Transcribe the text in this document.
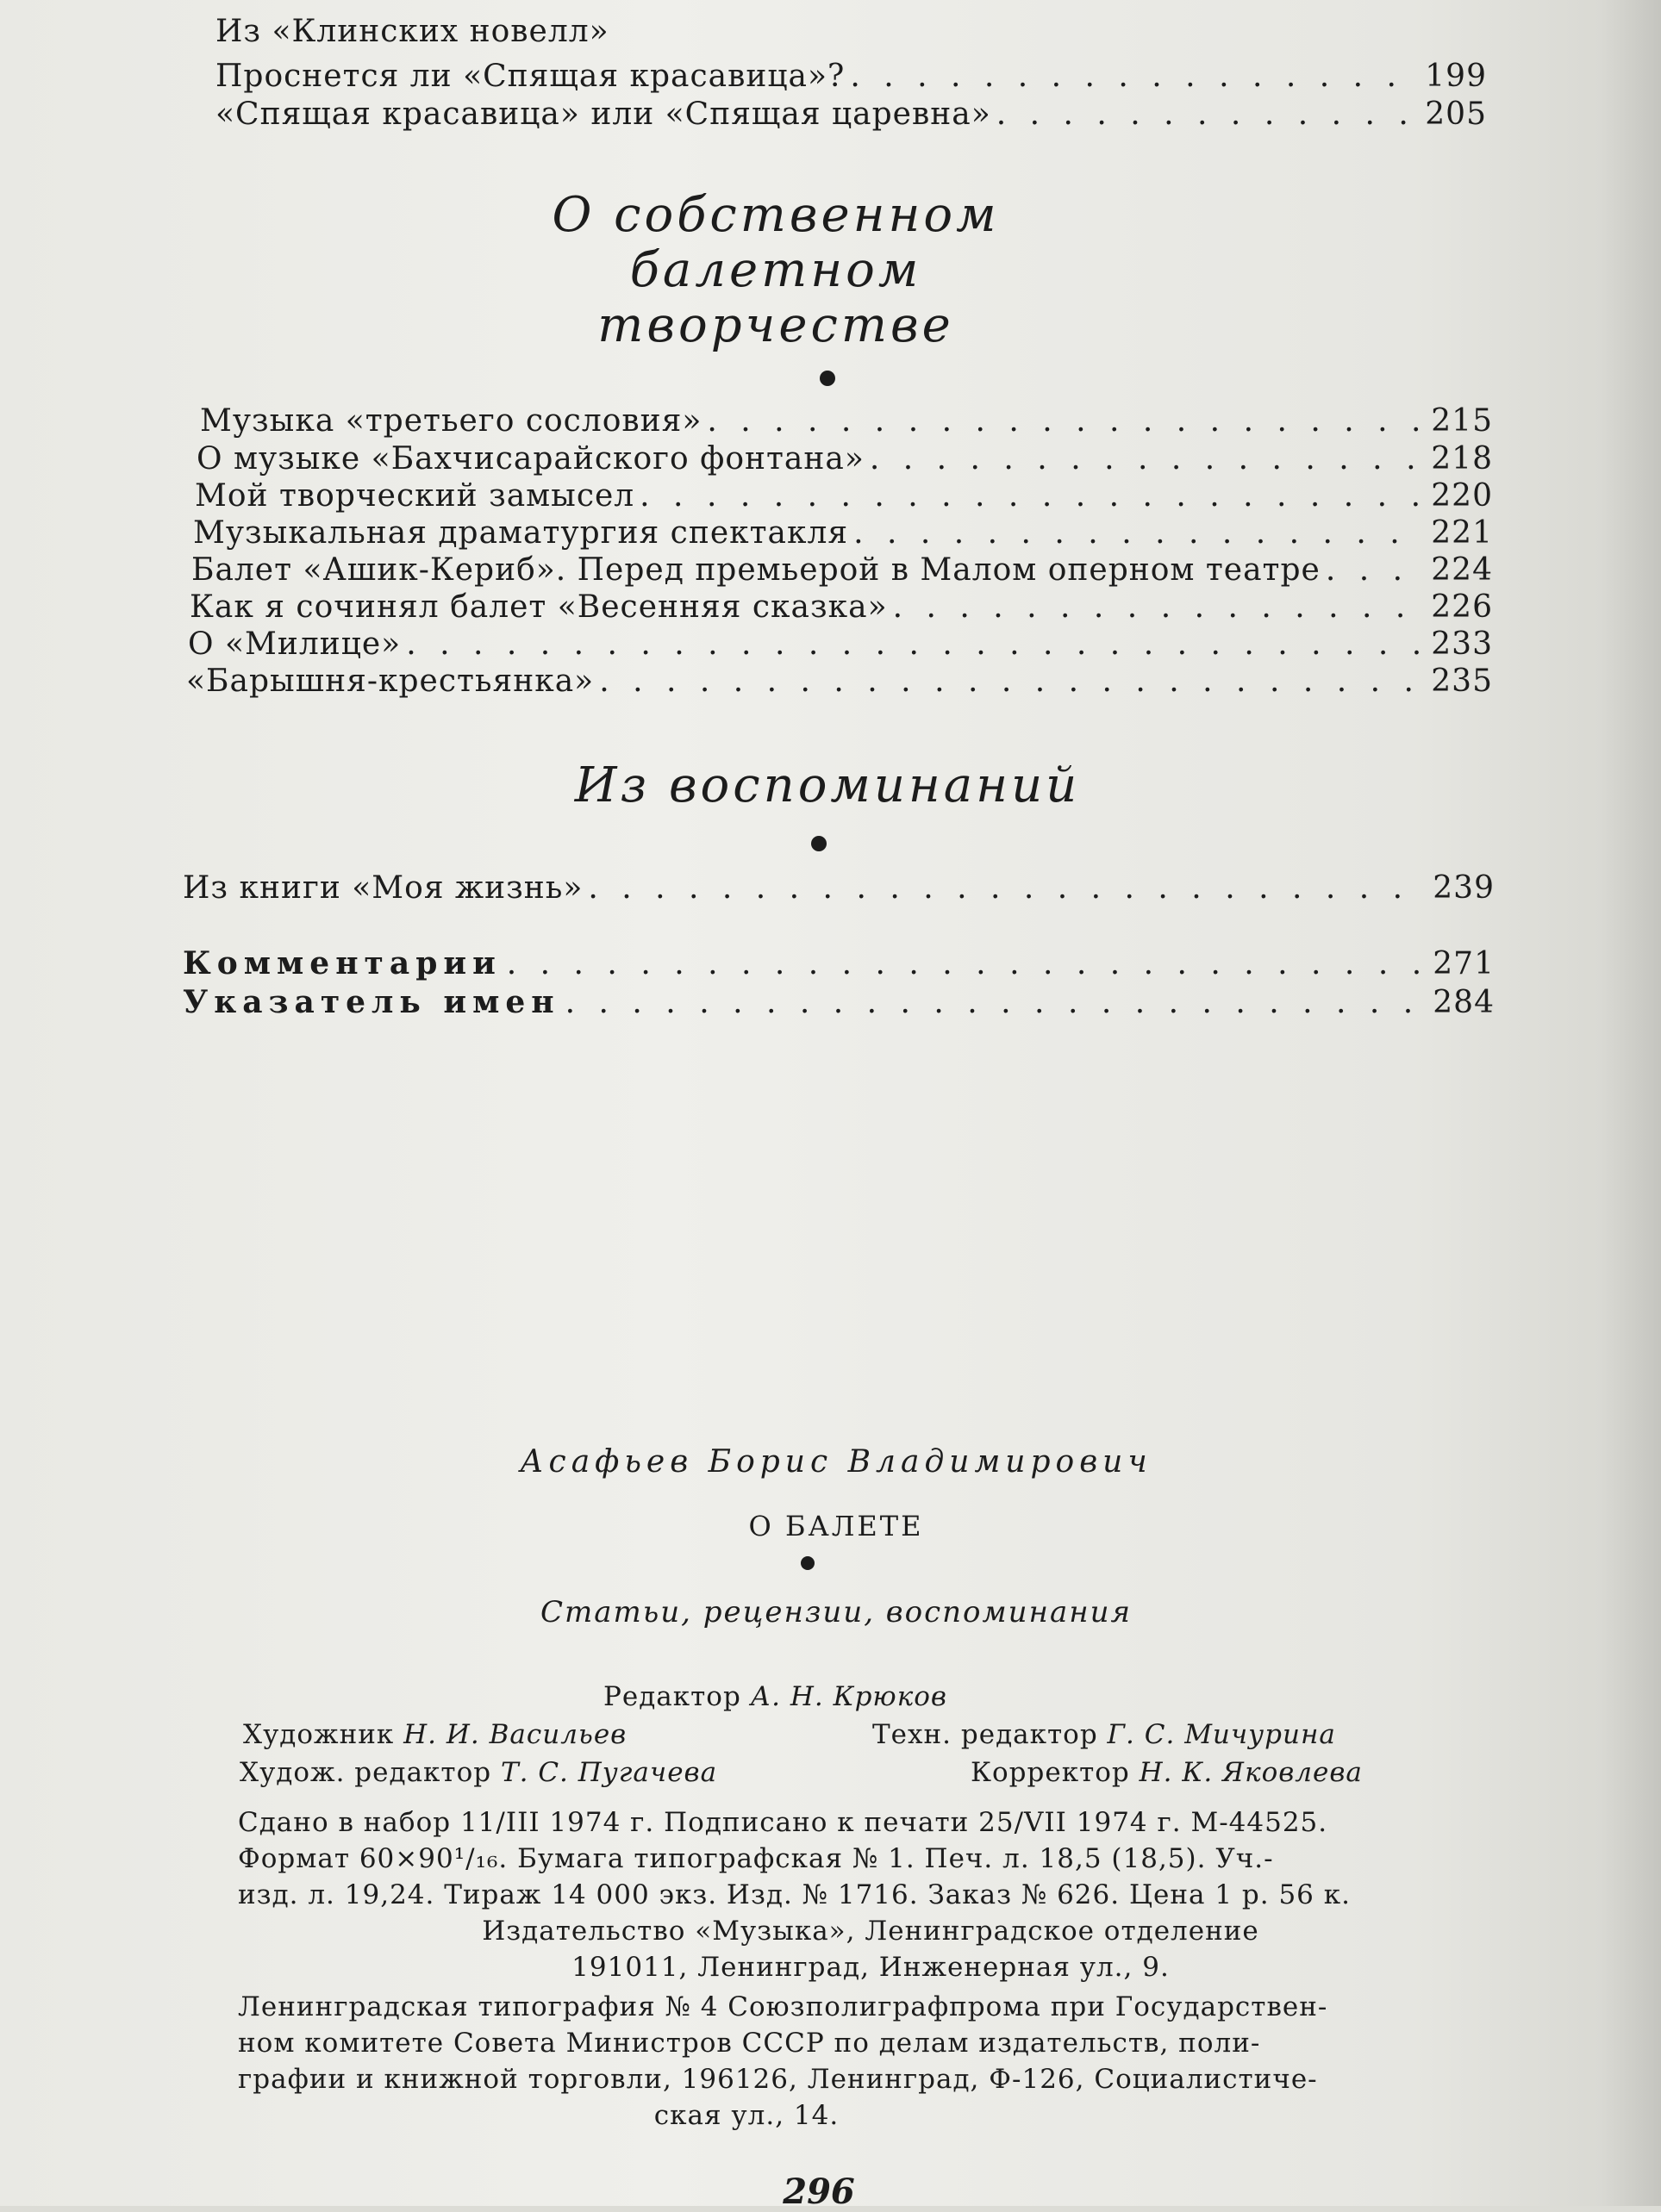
Из «Клинских новелл»
Проснется ли «Спящая красавица»? . . .	199
«Спящая красавица» или «Спящая царевна» . . .	205
О собственном
балетном
творчестве
Музыка «третьего сословия» . . .	215
О музыке «Бахчисарайского фонтана» . . .	218
Мой творческий замысел . . .	220
Музыкальная драматургия спектакля . . .	221
Балет «Ашик-Кериб». Перед премьерой в Малом оперном театре . . .	224
Как я сочинял балет «Весенняя сказка» . . .	226
О «Милице» . . .	233
«Барышня-крестьянка» . . .	235
Из воспоминаний
Из книги «Моя жизнь» . . .	239
Комментарии . . .	271
Указатель имен . . .	284
Асафьев Борис Владимирович
О БАЛЕТЕ
Статьи, рецензии, воспоминания
Редактор А. Н. Крюков
Художник Н. И. Васильев	Техн. редактор Г. С. Мичурина
Худож. редактор Т. С. Пугачева	Корректор Н. К. Яковлева
Сдано в набор 11/III 1974 г. Подписано к печати 25/VII 1974 г. М-44525.
Формат 60×90¹/₁₆. Бумага типографская № 1. Печ. л. 18,5 (18,5). Уч.-
изд. л. 19,24. Тираж 14 000 экз. Изд. № 1716. Заказ № 626. Цена 1 р. 56 к.
Издательство «Музыка», Ленинградское отделение
191011, Ленинград, Инженерная ул., 9.
Ленинградская типография № 4 Союзполиграфпрома при Государствен-
ном комитете Совета Министров СССР по делам издательств, поли-
графии и книжной торговли, 196126, Ленинград, Ф-126, Социалистиче-
ская ул., 14.
296
